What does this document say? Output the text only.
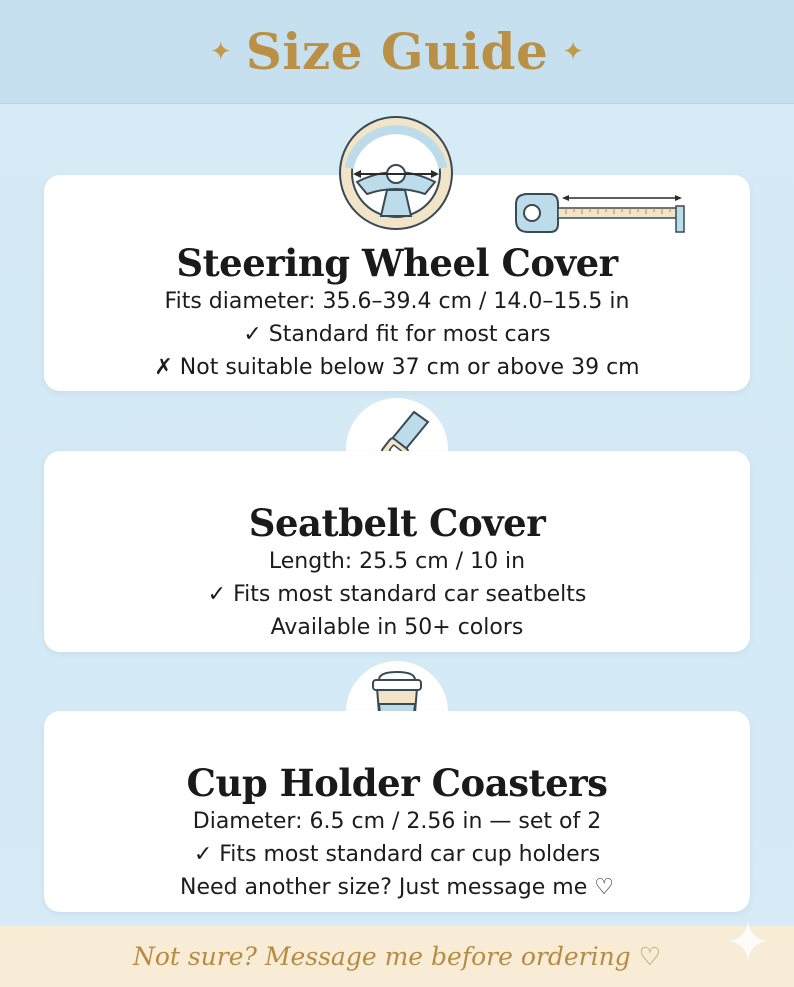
✦ Size Guide ✦
Steering Wheel Cover
Fits diameter: 35.6–39.4 cm / 14.0–15.5 in
✓ Standard fit for most cars
✗ Not suitable below 37 cm or above 39 cm
Seatbelt Cover
Length: 25.5 cm / 10 in
✓ Fits most standard car seatbelts
Available in 50+ colors
Cup Holder Coasters
Diameter: 6.5 cm / 2.56 in — set of 2
✓ Fits most standard car cup holders
Need another size? Just message me ♡
Not sure? Message me before ordering ♡
